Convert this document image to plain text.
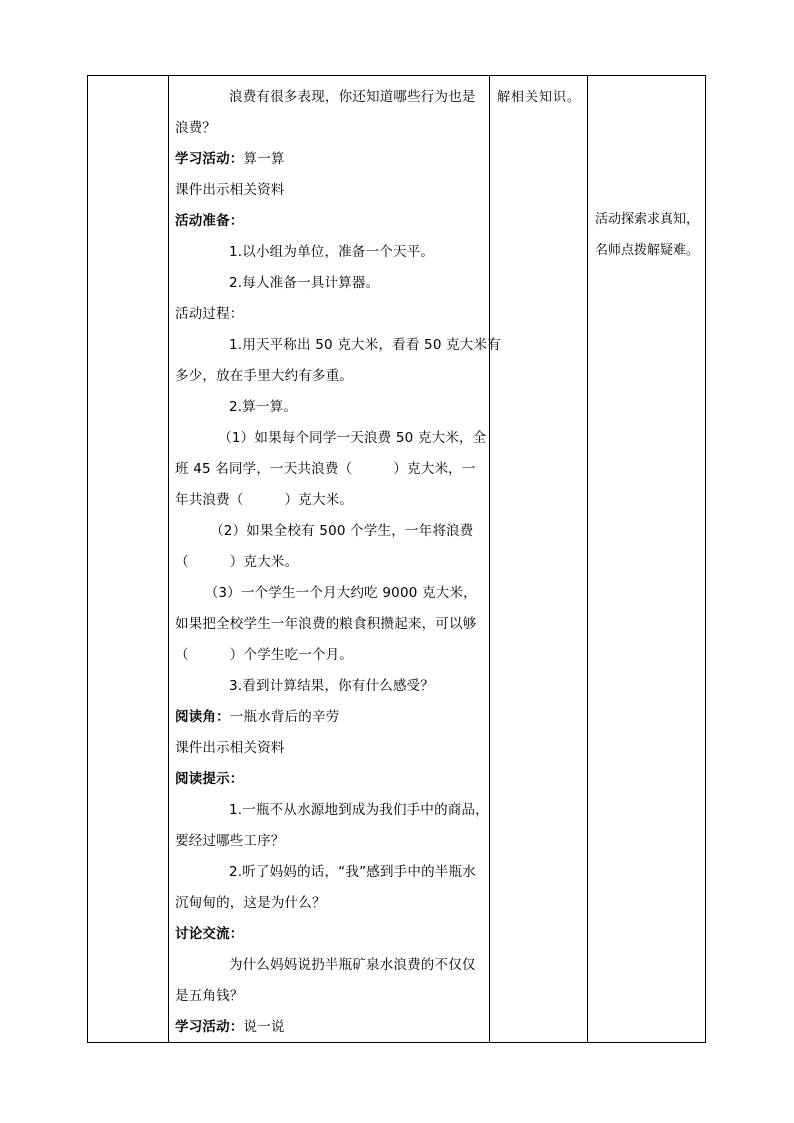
浪费有很多表现，你还知道哪些行为也是
浪费？
学习活动：算一算
课件出示相关资料
活动准备：
1.以小组为单位，准备一个天平。
2.每人准备一具计算器。
活动过程：
1.用天平称出 50 克大米，看看 50 克大米有
多少，放在手里大约有多重。
2.算一算。
（1）如果每个同学一天浪费 50 克大米，全
班 45 名同学，一天共浪费（　　　）克大米，一
年共浪费（　　　）克大米。
（2）如果全校有 500 个学生，一年将浪费
（　　　）克大米。
（3）一个学生一个月大约吃 9000 克大米，
如果把全校学生一年浪费的粮食积攒起来，可以够
（　　　）个学生吃一个月。
3.看到计算结果，你有什么感受？
阅读角：一瓶水背后的辛劳
课件出示相关资料
阅读提示：
1.一瓶不从水源地到成为我们手中的商品，
要经过哪些工序？
2.听了妈妈的话，“我”感到手中的半瓶水
沉甸甸的，这是为什么？
讨论交流：
为什么妈妈说扔半瓶矿泉水浪费的不仅仅
是五角钱？
学习活动：说一说
解相关知识。
活动探索求真知，
名师点拨解疑难。
